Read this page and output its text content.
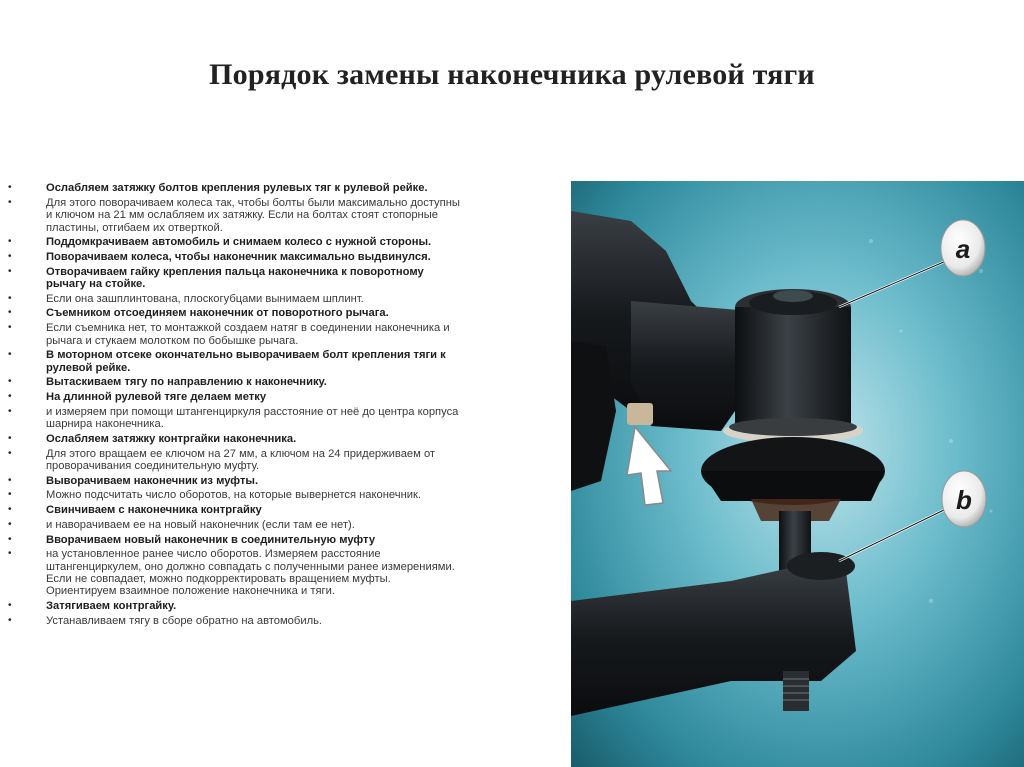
Порядок замены наконечника рулевой тяги
•	Ослабляем затяжку болтов крепления рулевых тяг к рулевой рейке.
•	Для этого поворачиваем колеса так, чтобы болты были максимально доступны и ключом на 21 мм ослабляем их затяжку. Если на болтах стоят стопорные пластины, отгибаем их отверткой.
•	Поддомкрачиваем автомобиль и снимаем колесо с нужной стороны.
•	Поворачиваем колеса, чтобы наконечник максимально выдвинулся.
•	Отворачиваем гайку крепления пальца наконечника к поворотному рычагу на стойке.
•	Если она зашплинтована, плоскогубцами вынимаем шплинт.
•	Съемником отсоединяем наконечник от поворотного рычага.
•	Если съемника нет, то монтажкой создаем натяг в соединении наконечника и рычага и стукаем молотком по бобышке рычага.
•	В моторном отсеке окончательно выворачиваем болт крепления тяги к рулевой рейке.
•	Вытаскиваем тягу по направлению к наконечнику.
•	На длинной рулевой тяге делаем метку
•	и измеряем при помощи штангенциркуля расстояние от неё до центра корпуса шарнира наконечника.
•	Ослабляем затяжку контргайки наконечника.
•	Для этого вращаем ее ключом на 27 мм, а ключом на 24 придерживаем от проворачивания соединительную муфту.
•	Выворачиваем наконечник из муфты.
•	Можно подсчитать число оборотов, на которые вывернется наконечник.
•	Свинчиваем с наконечника контргайку
•	и наворачиваем ее на новый наконечник (если там ее нет).
•	Вворачиваем новый наконечник в соединительную муфту
•	на установленное ранее число оборотов. Измеряем расстояние штангенциркулем, оно должно совпадать с полученными ранее измерениями. Если не совпадает, можно подкорректировать вращением муфты. Ориентируем взаимное положение наконечника и тяги.
•	Затягиваем контргайку.
•	Устанавливаем тягу в сборе обратно на автомобиль.
a
b
